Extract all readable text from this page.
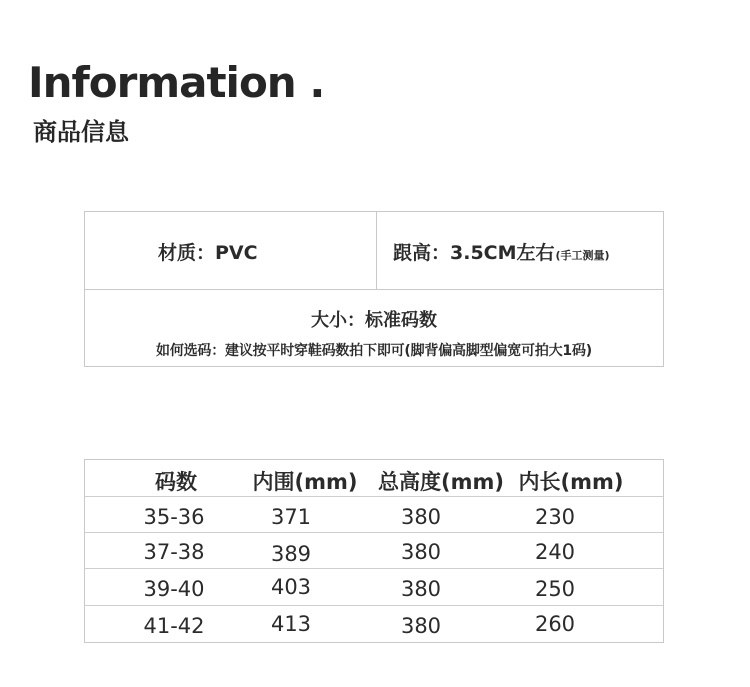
Information .
商品信息
材质：PVC	跟高：3.5CM左右(手工测量)
大小：标准码数
如何选码：建议按平时穿鞋码数拍下即可(脚背偏高脚型偏宽可拍大1码)
码数	内围(mm) 总高度(mm) 内长(mm)
35-36	371	380	230
37-38	389	380	240
39-40	403	380	250
41-42	413	380	260
